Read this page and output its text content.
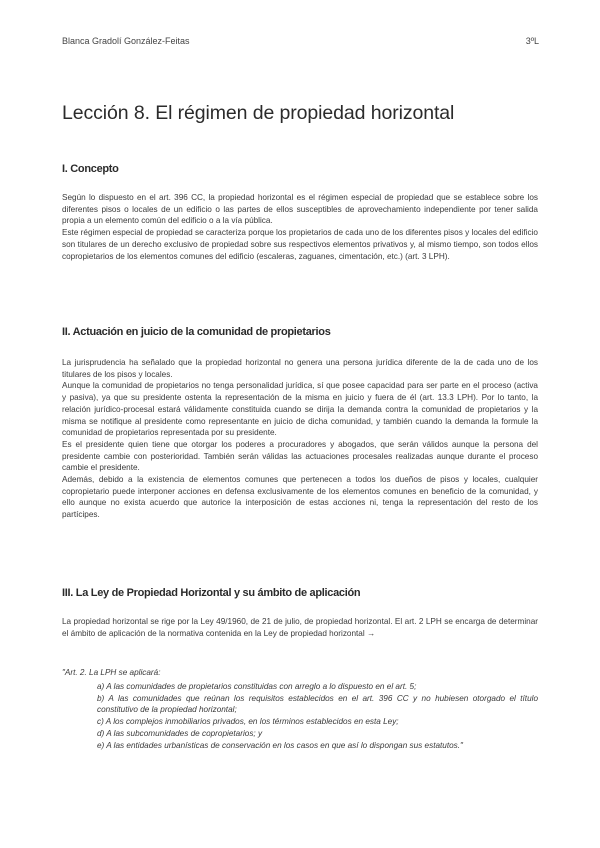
Blanca Gradolí González-Feitas	3ºL
Lección 8. El régimen de propiedad horizontal
I. Concepto

Según lo dispuesto en el art. 396 CC, la propiedad horizontal es el régimen especial de propiedad que se establece sobre los diferentes pisos o locales de un edificio o las partes de ellos susceptibles de aprovechamiento independiente por tener salida propia a un elemento común del edificio o a la vía pública.
Este régimen especial de propiedad se caracteriza porque los propietarios de cada uno de los diferentes pisos y locales del edificio son titulares de un derecho exclusivo de propiedad sobre sus respectivos elementos privativos y, al mismo tiempo, son todos ellos copropietarios de los elementos comunes del edificio (escaleras, zaguanes, cimentación, etc.) (art. 3 LPH).

II. Actuación en juicio de la comunidad de propietarios

La jurisprudencia ha señalado que la propiedad horizontal no genera una persona jurídica diferente de la de cada uno de los titulares de los pisos y locales.
Aunque la comunidad de propietarios no tenga personalidad jurídica, sí que posee capacidad para ser parte en el proceso (activa y pasiva), ya que su presidente ostenta la representación de la misma en juicio y fuera de él (art. 13.3 LPH). Por lo tanto, la relación jurídico-procesal estará válidamente constituida cuando se dirija la demanda contra la comunidad de propietarios y la misma se notifique al presidente como representante en juicio de dicha comunidad, y también cuando la demanda la formule la comunidad de propietarios representada por su presidente.
Es el presidente quien tiene que otorgar los poderes a procuradores y abogados, que serán válidos aunque la persona del presidente cambie con posterioridad. También serán válidas las actuaciones procesales realizadas aunque durante el proceso cambie el presidente.
Además, debido a la existencia de elementos comunes que pertenecen a todos los dueños de pisos y locales, cualquier copropietario puede interponer acciones en defensa exclusivamente de los elementos comunes en beneficio de la comunidad, y ello aunque no exista acuerdo que autorice la interposición de estas acciones ni, tenga la representación del resto de los partícipes.

III. La Ley de Propiedad Horizontal y su ámbito de aplicación

La propiedad horizontal se rige por la Ley 49/1960, de 21 de julio, de propiedad horizontal. El art. 2 LPH se encarga de determinar el ámbito de aplicación de la normativa contenida en la Ley de propiedad horizontal →

"Art. 2. La LPH se aplicará:

a) A las comunidades de propietarios constituidas con arreglo a lo dispuesto en el art. 5;
b) A las comunidades que reúnan los requisitos establecidos en el art. 396 CC y no hubiesen otorgado el título constitutivo de la propiedad horizontal;
c) A los complejos inmobiliarios privados, en los términos establecidos en esta Ley;
d) A las subcomunidades de copropietarios; y
e) A las entidades urbanísticas de conservación en los casos en que así lo dispongan sus estatutos."
